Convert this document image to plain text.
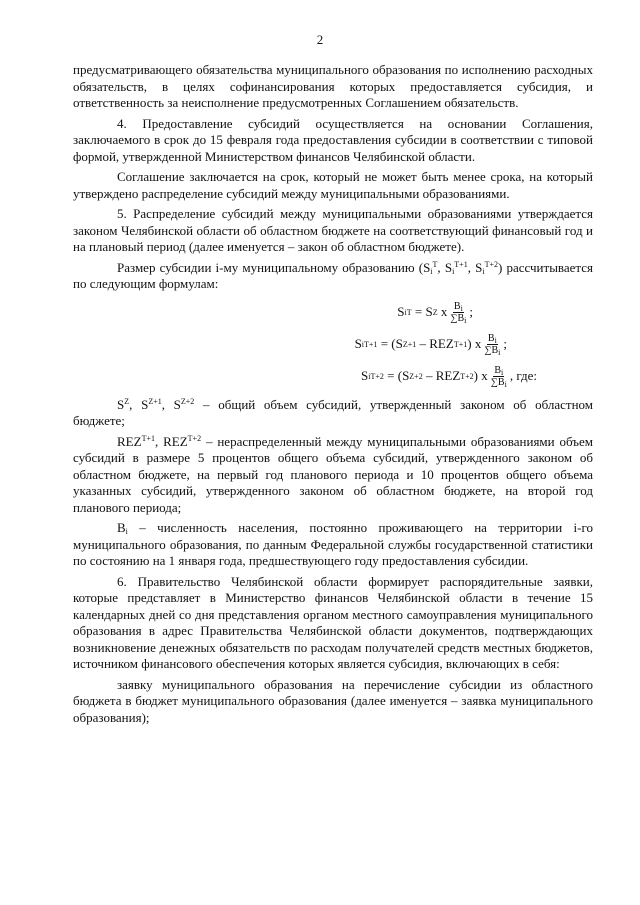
2

предусматривающего обязательства муниципального образования по исполнению расходных обязательств, в целях софинансирования которых предоставляется субсидия, и ответственность за неисполнение предусмотренных Соглашением обязательств.

4. Предоставление субсидий осуществляется на основании Соглашения, заключаемого в срок до 15 февраля года предоставления субсидии в соответствии с типовой формой, утвержденной Министерством финансов Челябинской области.

Соглашение заключается на срок, который не может быть менее срока, на который утверждено распределение субсидий между муниципальными образованиями.

5. Распределение субсидий между муниципальными образованиями утверждается законом Челябинской области об областном бюджете на соответствующий финансовый год и на плановый период (далее именуется – закон об областном бюджете).

Размер субсидии i-му муниципальному образованию ($S_i^T$, $S_i^{T+1}$, $S_i^{T+2}$) рассчитывается по следующим формулам:

S i T
=
S Z
х $\frac{B_i}{\sum B_i}$ ;
S i T+1
=
( S Z+1
–
REZ T+1 )
х $\frac{B_i}{\sum B_i}$ ;
S i T+2
=
( S Z+2
–
REZ T+2 )
х $\frac{B_i}{\sum B_i}$ , где:

$S^Z$, $S^{Z+1}$, $S^{Z+2}$ – общий объем субсидий, утвержденный законом об областном бюджете;

$REZ^{T+1}$, $REZ^{T+2}$ – нераспределенный между муниципальными образованиями объем субсидий в размере 5 процентов общего объема субсидий, утвержденного законом об областном бюджете, на первый год планового периода и 10 процентов общего объема указанных субсидий, утвержденного законом об областном бюджете, на второй год планового периода;

$B_i$ – численность населения, постоянно проживающего на территории i-го муниципального образования, по данным Федеральной службы государственной статистики по состоянию на 1 января года, предшествующего году предоставления субсидии.

6. Правительство Челябинской области формирует распорядительные заявки, которые представляет в Министерство финансов Челябинской области в течение 15 календарных дней со дня представления органом местного самоуправления муниципального образования в адрес Правительства Челябинской области документов, подтверждающих возникновение денежных обязательств по расходам получателей средств местных бюджетов, источником финансового обеспечения которых является субсидия, включающих в себя:

заявку муниципального образования на перечисление субсидии из областного бюджета в бюджет муниципального образования (далее именуется – заявка муниципального образования);
